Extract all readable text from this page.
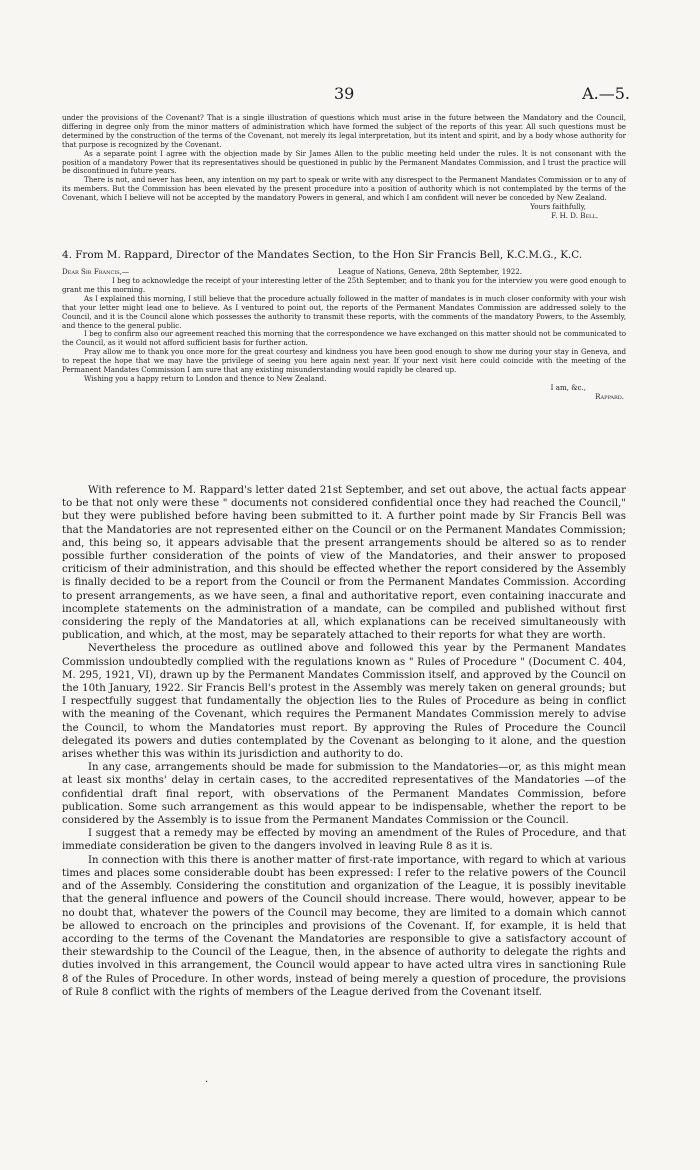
39	A.—5.

under the provisions of the Covenant? That is a single illustration of questions which must arise in the future between the Mandatory and the Council, differing in degree only from the minor matters of administration which have formed the subject of the reports of this year. All such questions must be determined by the construction of the terms of the Covenant, not merely its legal interpretation, but its intent and spirit, and by a body whose authority for that purpose is recognized by the Covenant.

As a separate point I agree with the objection made by Sir James Allen to the public meeting held under the rules. It is not consonant with the position of a mandatory Power that its representatives should be questioned in public by the Permanent Mandates Commission, and I trust the practice will be discontinued in future years.

There is not, and never has been, any intention on my part to speak or write with any disrespect to the Permanent Mandates Commission or to any of its members. But the Commission has been elevated by the present procedure into a position of authority which is not contemplated by the terms of the Covenant, which I believe will not be accepted by the mandatory Powers in general, and which I am confident will never be conceded by New Zealand.

Yours faithfully,

F. H. D. Bell.

4. From M. Rappard, Director of the Mandates Section, to the Hon Sir Francis Bell, K.C.M.G., K.C.
Dear Sir Francis,—	League of Nations, Geneva, 28th September, 1922.

I beg to acknowledge the receipt of your interesting letter of the 25th September, and to thank you for the interview you were good enough to grant me this morning.

As I explained this morning, I still believe that the procedure actually followed in the matter of mandates is in much closer conformity with your wish that your letter might lead one to believe. As I ventured to point out, the reports of the Permanent Mandates Commission are addressed solely to the Council, and it is the Council alone which possesses the authority to transmit these reports, with the comments of the mandatory Powers, to the Assembly, and thence to the general public.

I beg to confirm also our agreement reached this morning that the correspondence we have exchanged on this matter should not be communicated to the Council, as it would not afford sufficient basis for further action.

Pray allow me to thank you once more for the great courtesy and kindness you have been good enough to show me during your stay in Geneva, and to repeat the hope that we may have the privilege of seeing you here again next year. If your next visit here could coincide with the meeting of the Permanent Mandates Commission I am sure that any existing misunderstanding would rapidly be cleared up.

Wishing you a happy return to London and thence to New Zealand.

I am, &c.,

Rappard.

With reference to M. Rappard's letter dated 21st September, and set out above, the actual facts appear to be that not only were these " documents not considered confidential once they had reached the Council," but they were published before having been submitted to it. A further point made by Sir Francis Bell was that the Mandatories are not represented either on the Council or on the Permanent Mandates Commission; and, this being so, it appears advisable that the present arrangements should be altered so as to render possible further consideration of the points of view of the Mandatories, and their answer to proposed criticism of their administration, and this should be effected whether the report considered by the Assembly is finally decided to be a report from the Council or from the Permanent Mandates Commission. According to present arrangements, as we have seen, a final and authoritative report, even containing inaccurate and incomplete statements on the administration of a mandate, can be compiled and published without first considering the reply of the Mandatories at all, which explanations can be received simultaneously with publication, and which, at the most, may be separately attached to their reports for what they are worth.

Nevertheless the procedure as outlined above and followed this year by the Permanent Mandates Commission undoubtedly complied with the regulations known as " Rules of Procedure " (Document C. 404, M. 295, 1921, VI), drawn up by the Permanent Mandates Commission itself, and approved by the Council on the 10th January, 1922. Sir Francis Bell's protest in the Assembly was merely taken on general grounds; but I respectfully suggest that fundamentally the objection lies to the Rules of Procedure as being in conflict with the meaning of the Covenant, which requires the Permanent Mandates Commission merely to advise the Council, to whom the Mandatories must report. By approving the Rules of Procedure the Council delegated its powers and duties contemplated by the Covenant as belonging to it alone, and the question arises whether this was within its jurisdiction and authority to do.

In any case, arrangements should be made for submission to the Mandatories—or, as this might mean at least six months' delay in certain cases, to the accredited representatives of the Mandatories —of the confidential draft final report, with observations of the Permanent Mandates Commission, before publication. Some such arrangement as this would appear to be indispensable, whether the report to be considered by the Assembly is to issue from the Permanent Mandates Commission or the Council.

I suggest that a remedy may be effected by moving an amendment of the Rules of Procedure, and that immediate consideration be given to the dangers involved in leaving Rule 8 as it is.

In connection with this there is another matter of first-rate importance, with regard to which at various times and places some considerable doubt has been expressed: I refer to the relative powers of the Council and of the Assembly. Considering the constitution and organization of the League, it is possibly inevitable that the general influence and powers of the Council should increase. There would, however, appear to be no doubt that, whatever the powers of the Council may become, they are limited to a domain which cannot be allowed to encroach on the principles and provisions of the Covenant. If, for example, it is held that according to the terms of the Covenant the Mandatories are responsible to give a satisfactory account of their stewardship to the Council of the League, then, in the absence of authority to delegate the rights and duties involved in this arrangement, the Council would appear to have acted ultra vires in sanctioning Rule 8 of the Rules of Procedure. In other words, instead of being merely a question of procedure, the provisions of Rule 8 conflict with the rights of members of the League derived from the Covenant itself.

·
